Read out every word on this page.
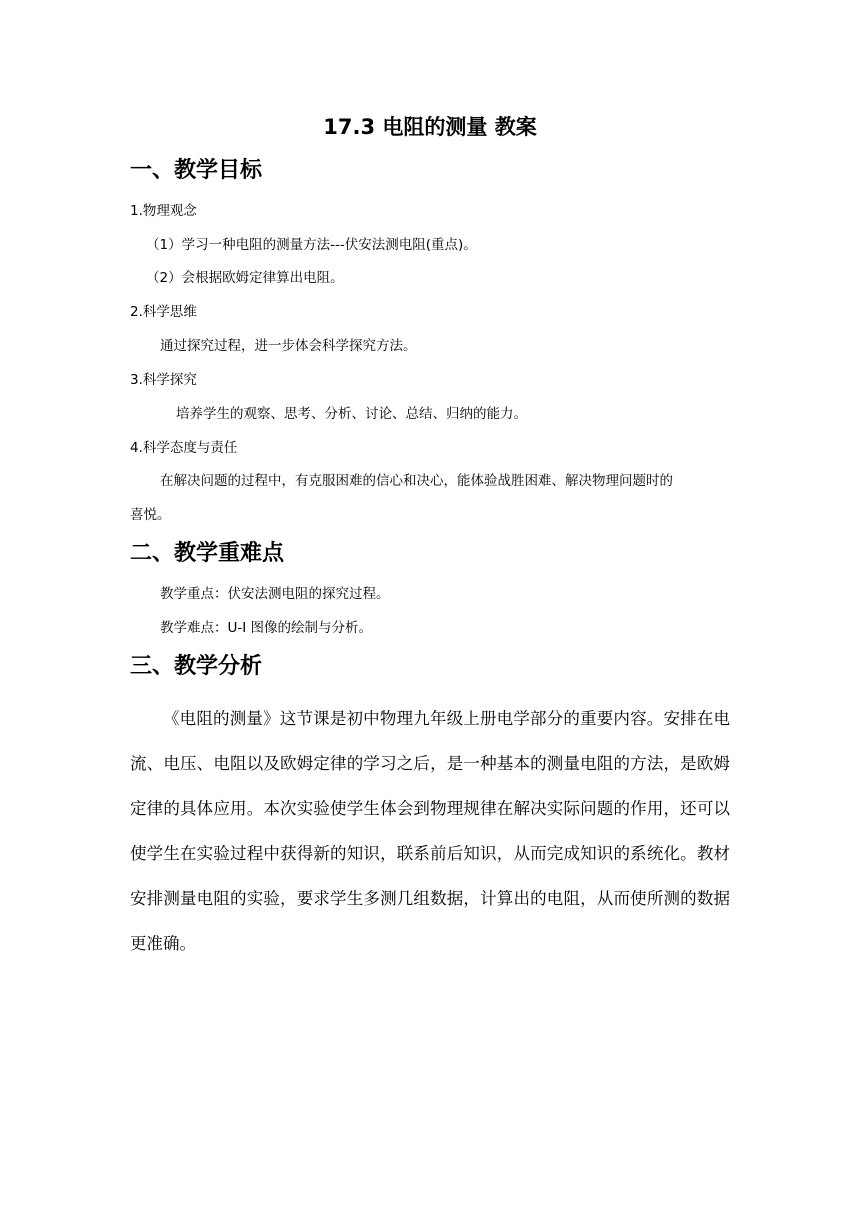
17.3 电阻的测量 教案
一、教学目标
1.物理观念
（1）学习一种电阻的测量方法---伏安法测电阻(重点)。
（2）会根据欧姆定律算出电阻。
2.科学思维
通过探究过程，进一步体会科学探究方法。
3.科学探究
培养学生的观察、思考、分析、讨论、总结、归纳的能力。
4.科学态度与责任
在解决问题的过程中，有克服困难的信心和决心，能体验战胜困难、解决物理问题时的
喜悦。
二、教学重难点
教学重点：伏安法测电阻的探究过程。
教学难点：U-I 图像的绘制与分析。
三、教学分析

《电阻的测量》这节课是初中物理九年级上册电学部分的重要内容。安排在电流、电压、电阻以及欧姆定律的学习之后，是一种基本的测量电阻的方法，是欧姆定律的具体应用。本次实验使学生体会到物理规律在解决实际问题的作用，还可以使学生在实验过程中获得新的知识，联系前后知识，从而完成知识的系统化。教材安排测量电阻的实验，要求学生多测几组数据，计算出的电阻，从而使所测的数据更准确。
